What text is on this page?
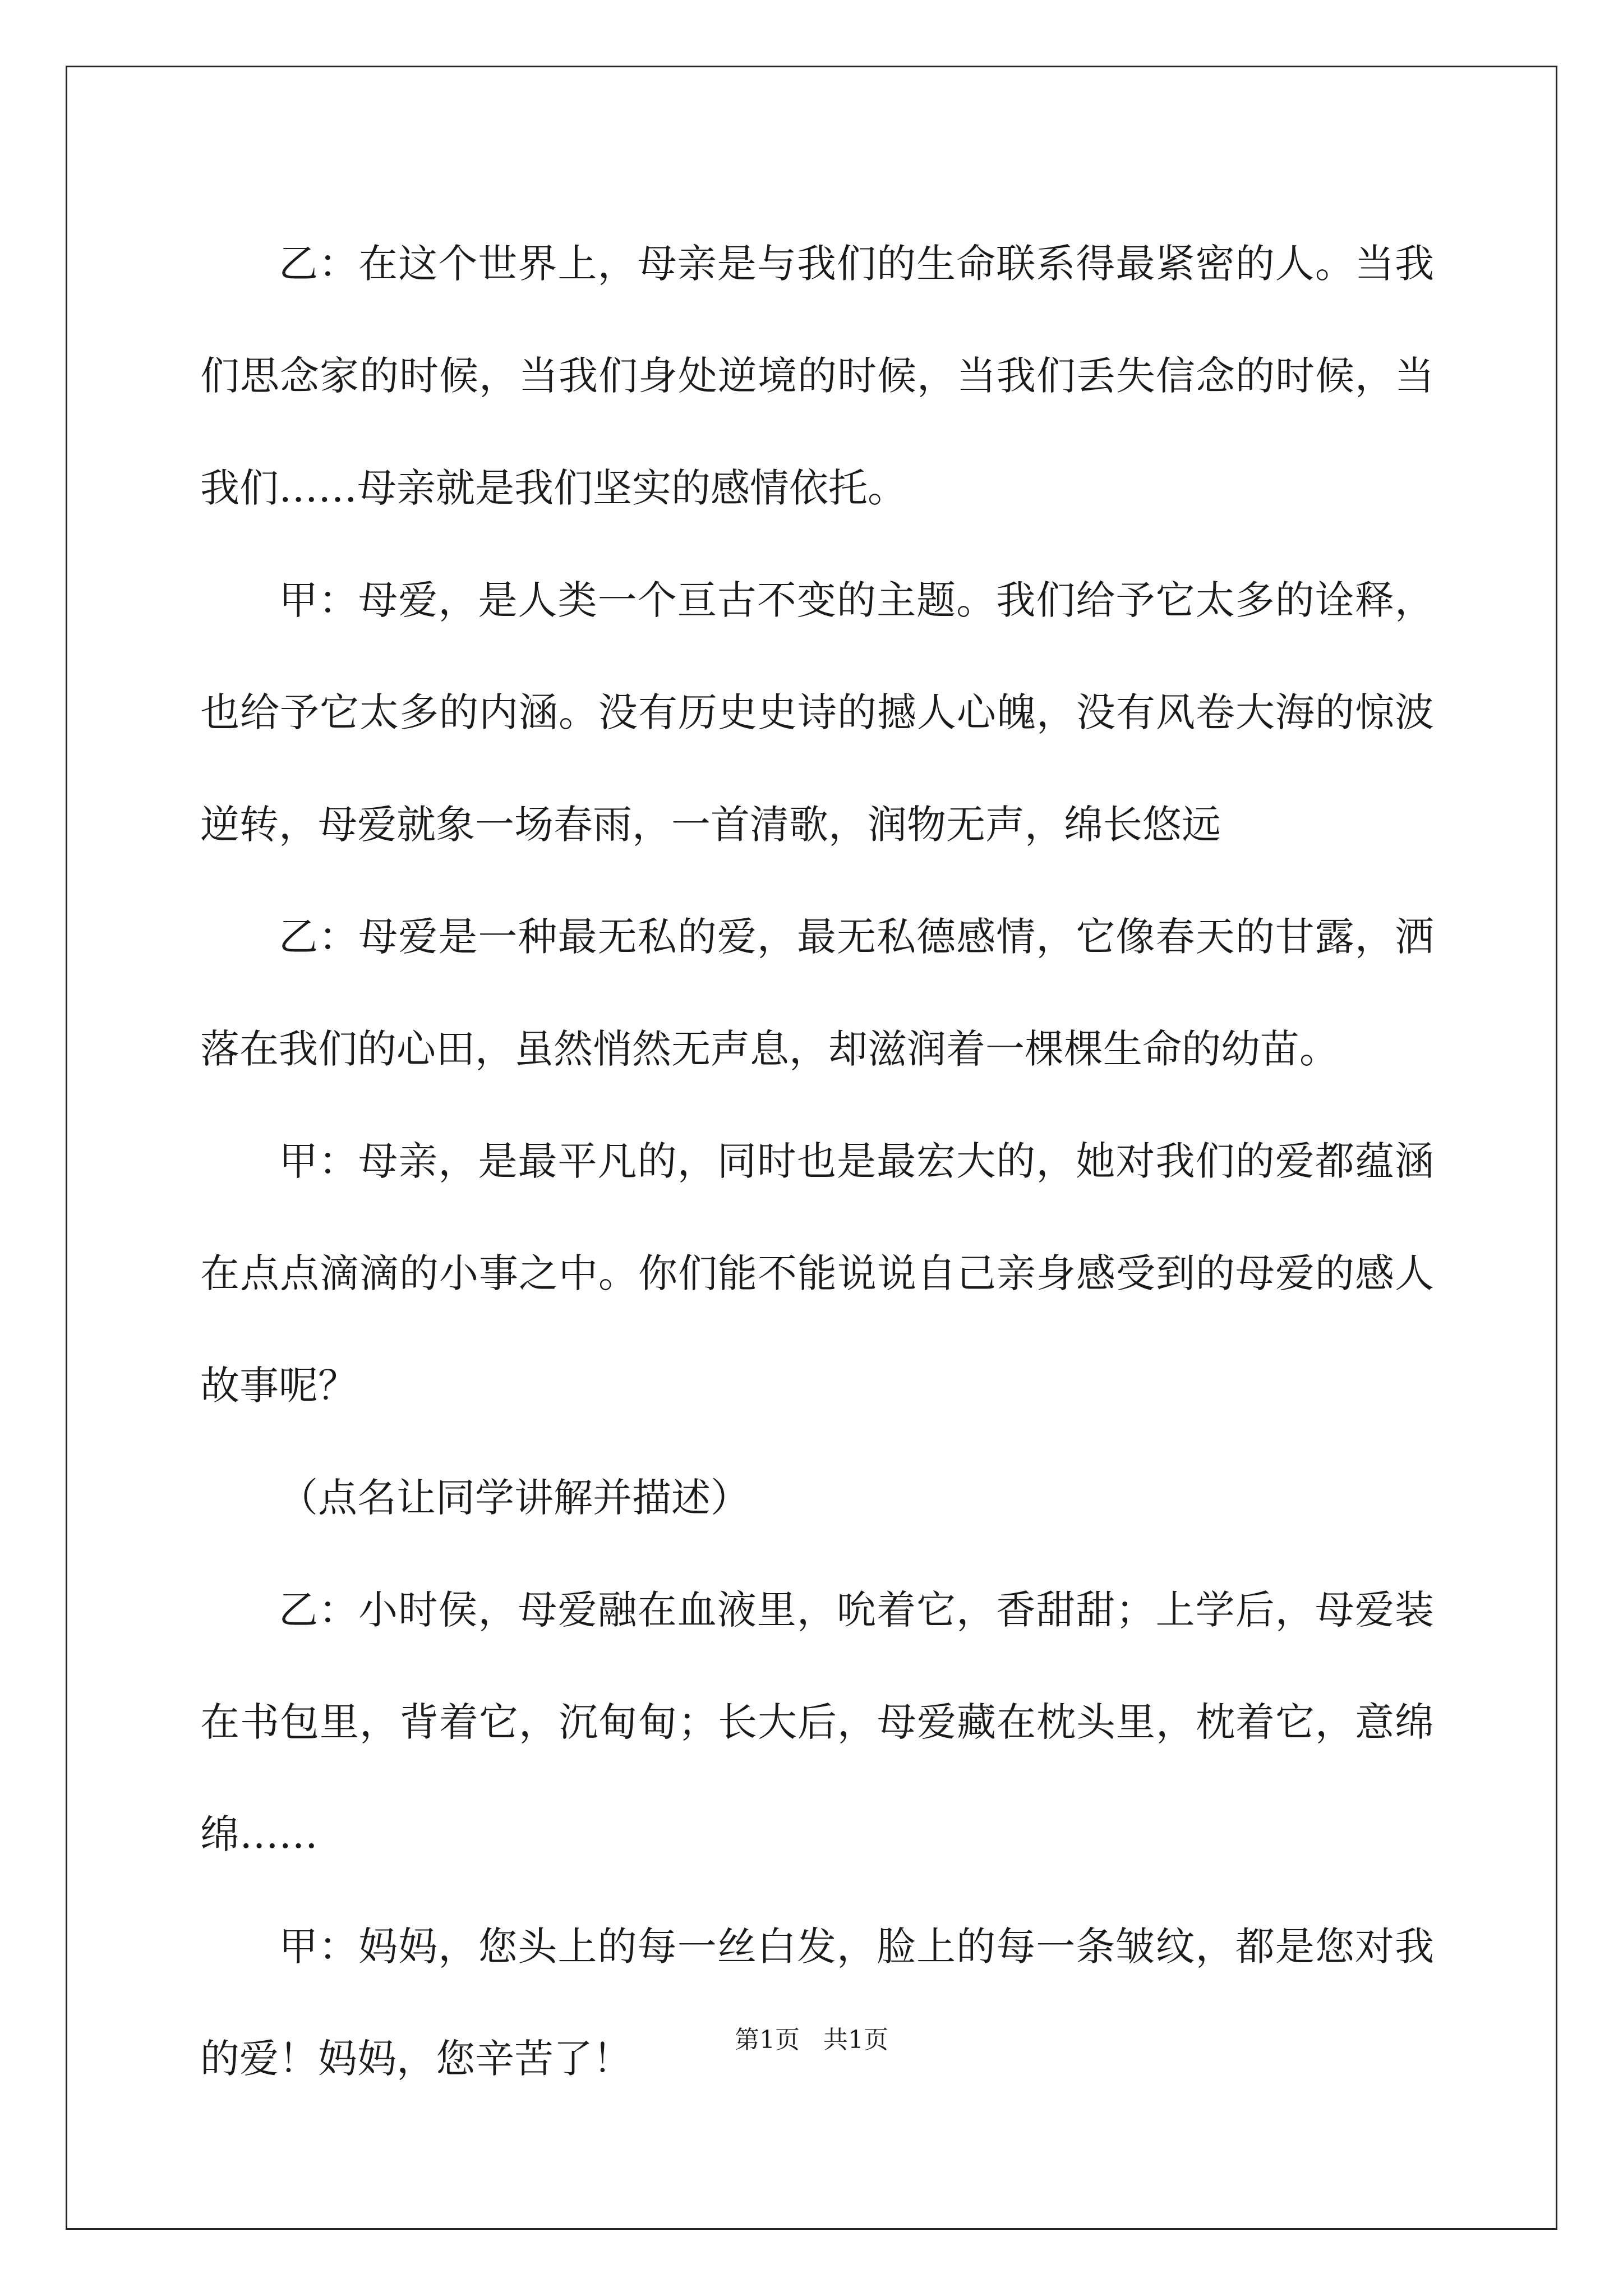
乙：在这个世界上，母亲是与我们的生命联系得最紧密的人。当我们思念家的时候，当我们身处逆境的时候，当我们丢失信念的时候，当我们……母亲就是我们坚实的感情依托。

甲：母爱，是人类一个亘古不变的主题。我们给予它太多的诠释，也给予它太多的内涵。没有历史史诗的撼人心魄，没有风卷大海的惊波逆转，母爱就象一场春雨，一首清歌，润物无声，绵长悠远

乙：母爱是一种最无私的爱，最无私德感情，它像春天的甘露，洒落在我们的心田，虽然悄然无声息，却滋润着一棵棵生命的幼苗。

甲：母亲，是最平凡的，同时也是最宏大的，她对我们的爱都蕴涵在点点滴滴的小事之中。你们能不能说说自己亲身感受到的母爱的感人故事呢？

（点名让同学讲解并描述）

乙：小时侯，母爱融在血液里，吮着它，香甜甜；上学后，母爱装在书包里，背着它，沉甸甸；长大后，母爱藏在枕头里，枕着它，意绵绵……

甲：妈妈，您头上的每一丝白发，脸上的每一条皱纹，都是您对我的爱！妈妈，您辛苦了！	第1页   共1页
